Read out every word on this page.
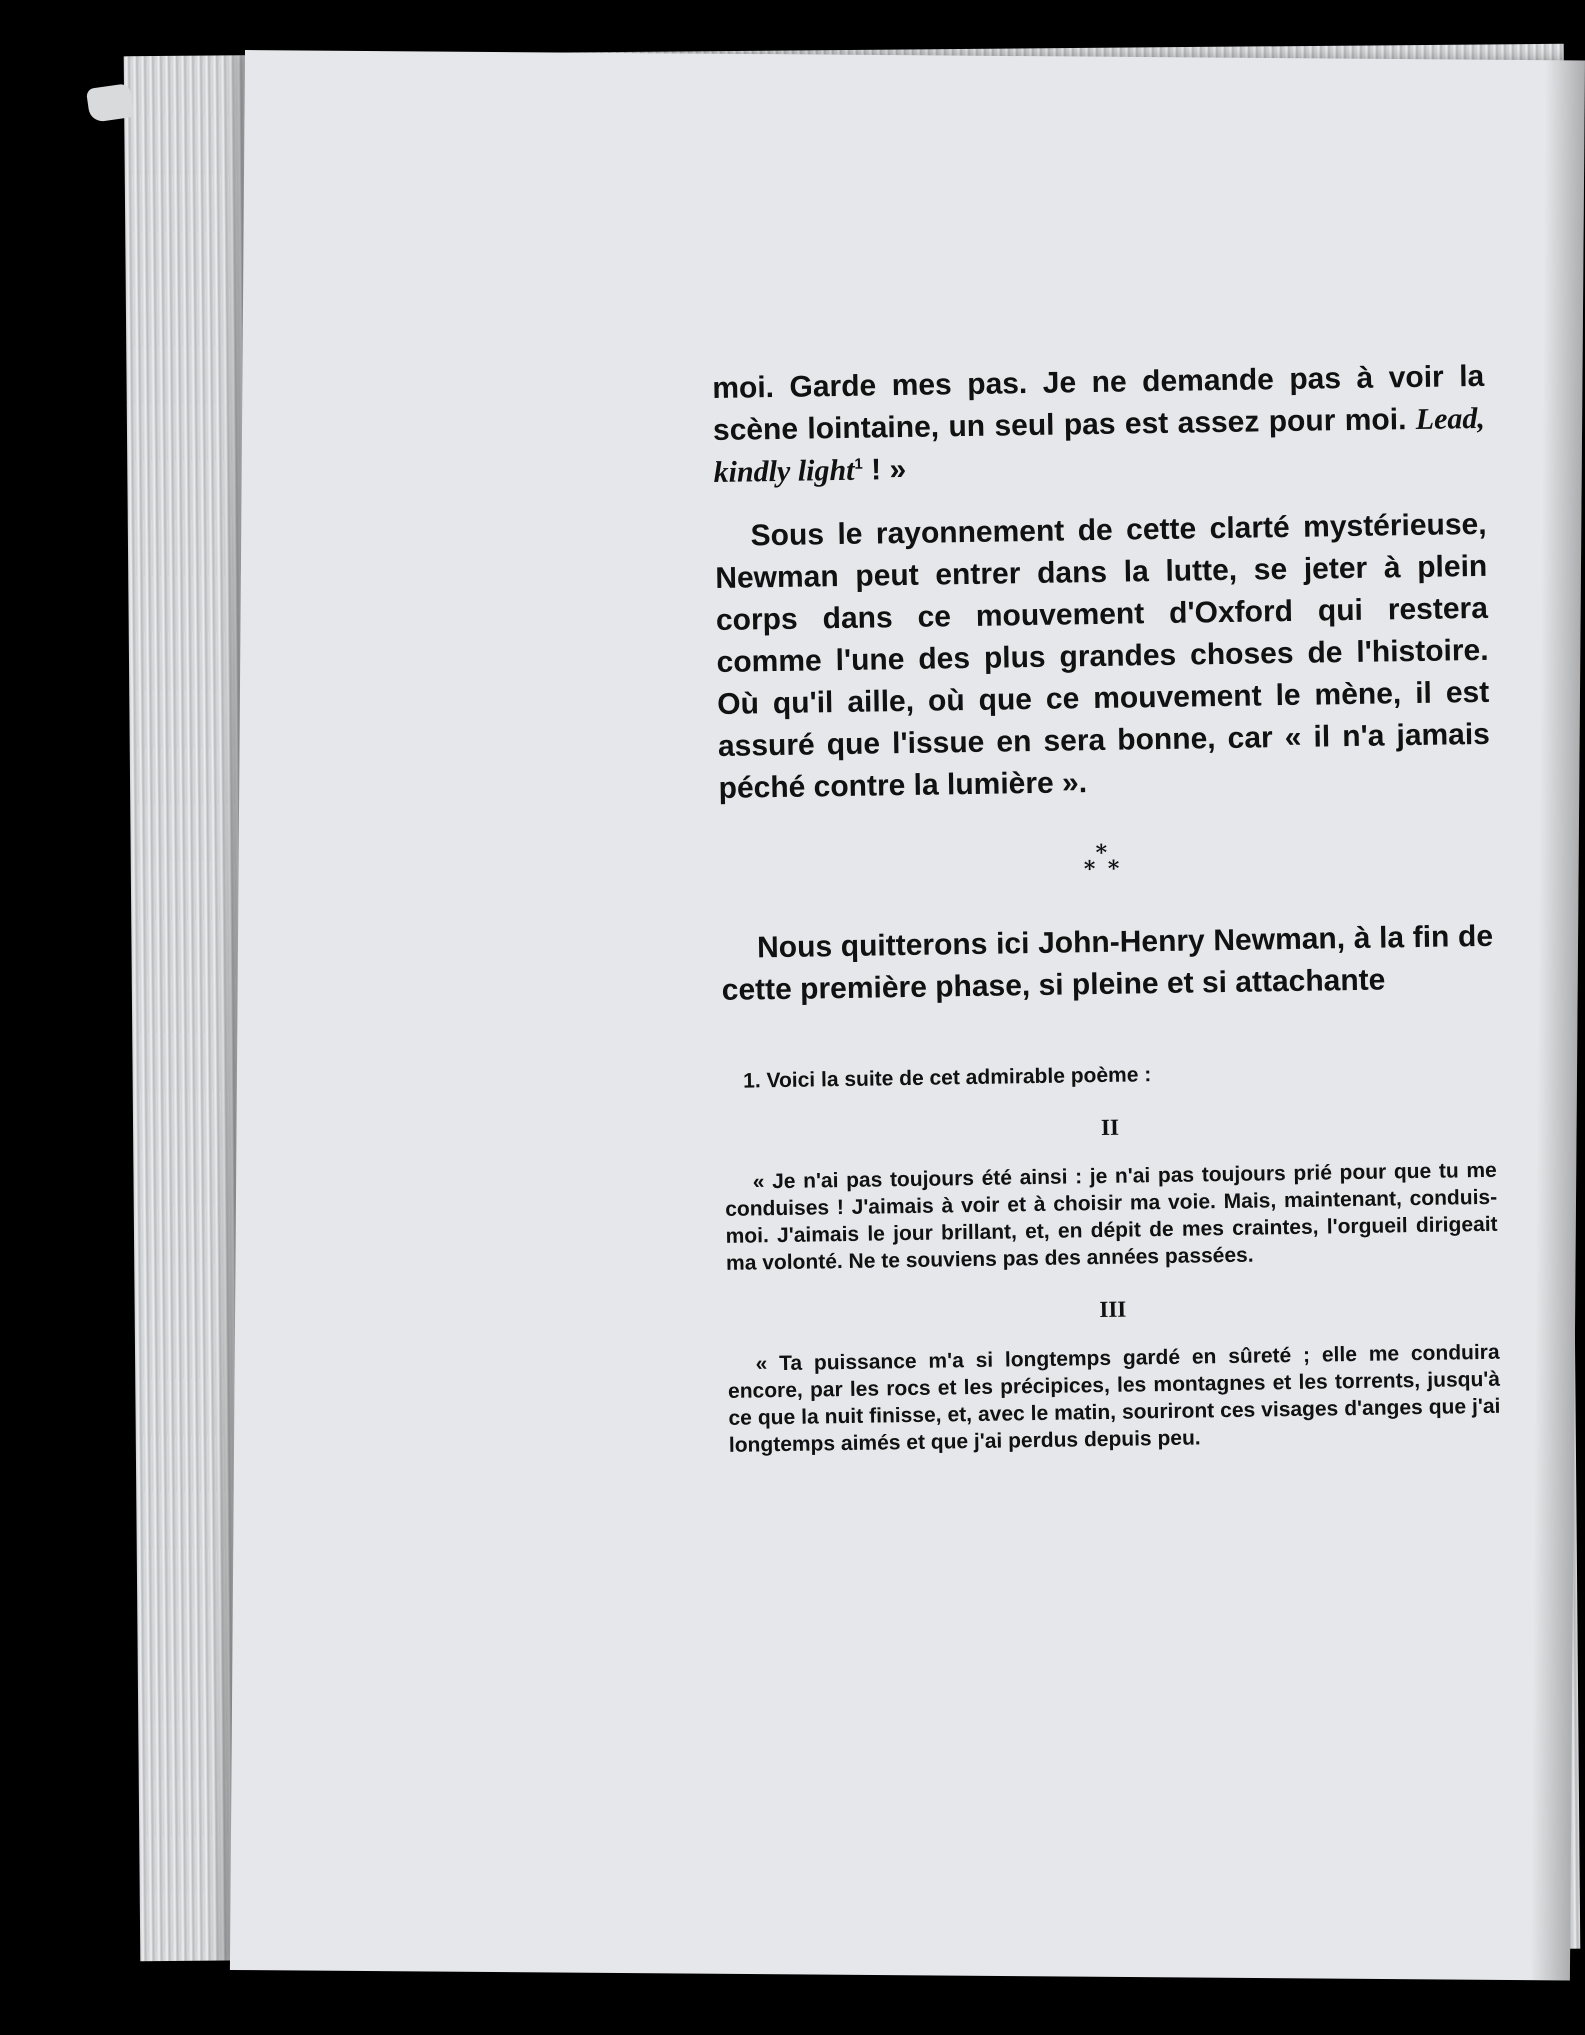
moi. Garde mes pas. Je ne demande pas à voir la scène lointaine, un seul pas est assez pour moi. Lead, kindly light$^1$ ! »

Sous le rayonnement de cette clarté mystérieuse, Newman peut entrer dans la lutte, se jeter à plein corps dans ce mouvement d'Oxford qui restera comme l'une des plus grandes choses de l'histoire. Où qu'il aille, où que ce mouvement le mène, il est assuré que l'issue en sera bonne, car « il n'a jamais péché contre la lumière ».

*
* *

Nous quitterons ici John-Henry Newman, à la fin de cette première phase, si pleine et si attachante

1. Voici la suite de cet admirable poème :

II

« Je n'ai pas toujours été ainsi : je n'ai pas toujours prié pour que tu me conduises ! J'aimais à voir et à choisir ma voie. Mais, maintenant, conduis-moi. J'aimais le jour brillant, et, en dépit de mes craintes, l'orgueil dirigeait ma volonté. Ne te souviens pas des années passées.

III

« Ta puissance m'a si longtemps gardé en sûreté ; elle me conduira encore, par les rocs et les précipices, les montagnes et les torrents, jusqu'à ce que la nuit finisse, et, avec le matin, souriront ces visages d'anges que j'ai longtemps aimés et que j'ai perdus depuis peu.
